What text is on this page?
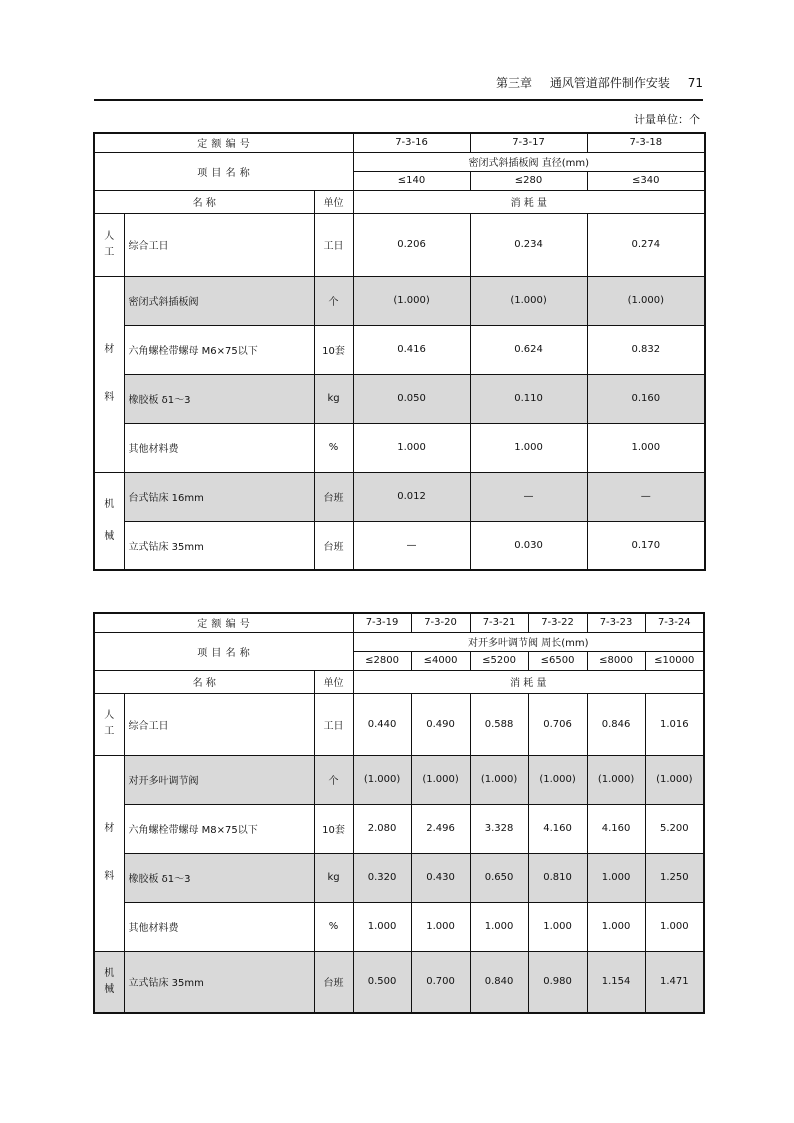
第三章 通风管道部件制作安装 71
计量单位：个
定 额 编 号			7-3-16	7-3-17	7-3-18
项 目 名 称			密闭式斜插板阀 直径(mm)		
			≤140	≤280	≤340
名 称		单位	消 耗 量		
人
工	综合工日	工日	0.206	0.234	0.274
材

料	密闭式斜插板阀	个	(1.000)	(1.000)	(1.000)
	六角螺栓带螺母 M6×75以下	10套	0.416	0.624	0.832
	橡胶板 δ1～3	kg	0.050	0.110	0.160
	其他材料费	%	1.000	1.000	1.000
机

械	台式钻床 16mm	台班	0.012	—	—
	立式钻床 35mm	台班	—	0.030	0.170
定 额 编 号			7-3-19	7-3-20	7-3-21	7-3-22	7-3-23	7-3-24
项 目 名 称			对开多叶调节阀 周长(mm)					
			≤2800	≤4000	≤5200	≤6500	≤8000	≤10000
名 称		单位	消 耗 量					
人
工	综合工日	工日	0.440	0.490	0.588	0.706	0.846	1.016
材

料	对开多叶调节阀	个	(1.000)	(1.000)	(1.000)	(1.000)	(1.000)	(1.000)
	六角螺栓带螺母 M8×75以下	10套	2.080	2.496	3.328	4.160	4.160	5.200
	橡胶板 δ1～3	kg	0.320	0.430	0.650	0.810	1.000	1.250
	其他材料费	%	1.000	1.000	1.000	1.000	1.000	1.000
机
械	立式钻床 35mm	台班	0.500	0.700	0.840	0.980	1.154	1.471
